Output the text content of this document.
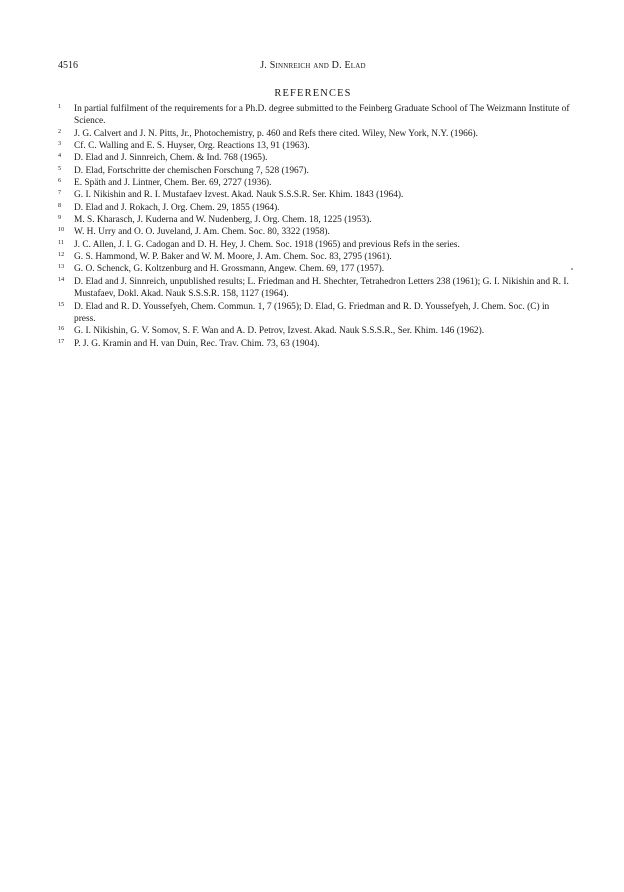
4516	J. Sinnreich and D. Elad
REFERENCES
1	In partial fulfilment of the requirements for a Ph.D. degree submitted to the Feinberg Graduate School of The Weizmann Institute of Science.
2	J. G. Calvert and J. N. Pitts, Jr., Photochemistry, p. 460 and Refs there cited. Wiley, New York, N.Y. (1966).
3	Cf. C. Walling and E. S. Huyser, Org. Reactions 13, 91 (1963).
4	D. Elad and J. Sinnreich, Chem. & Ind. 768 (1965).
5	D. Elad, Fortschritte der chemischen Forschung 7, 528 (1967).
6	E. Späth and J. Lintner, Chem. Ber. 69, 2727 (1936).
7	G. I. Nikishin and R. I. Mustafaev Izvest. Akad. Nauk S.S.S.R. Ser. Khim. 1843 (1964).
8	D. Elad and J. Rokach, J. Org. Chem. 29, 1855 (1964).
9	M. S. Kharasch, J. Kuderna and W. Nudenberg, J. Org. Chem. 18, 1225 (1953).
10	W. H. Urry and O. O. Juveland, J. Am. Chem. Soc. 80, 3322 (1958).
11	J. C. Allen, J. I. G. Cadogan and D. H. Hey, J. Chem. Soc. 1918 (1965) and previous Refs in the series.
12	G. S. Hammond, W. P. Baker and W. M. Moore, J. Am. Chem. Soc. 83, 2795 (1961).
13	G. O. Schenck, G. Koltzenburg and H. Grossmann, Angew. Chem. 69, 177 (1957).
14	D. Elad and J. Sinnreich, unpublished results; L. Friedman and H. Shechter, Tetrahedron Letters 238 (1961); G. I. Nikishin and R. I. Mustafaev, Dokl. Akad. Nauk S.S.S.R. 158, 1127 (1964).
15	D. Elad and R. D. Youssefyeh, Chem. Commun. 1, 7 (1965); D. Elad, G. Friedman and R. D. Youssefyeh, J. Chem. Soc. (C) in press.
16	G. I. Nikishin, G. V. Somov, S. F. Wan and A. D. Petrov, Izvest. Akad. Nauk S.S.S.R., Ser. Khim. 146 (1962).
17	P. J. G. Kramin and H. van Duin, Rec. Trav. Chim. 73, 63 (1904).
